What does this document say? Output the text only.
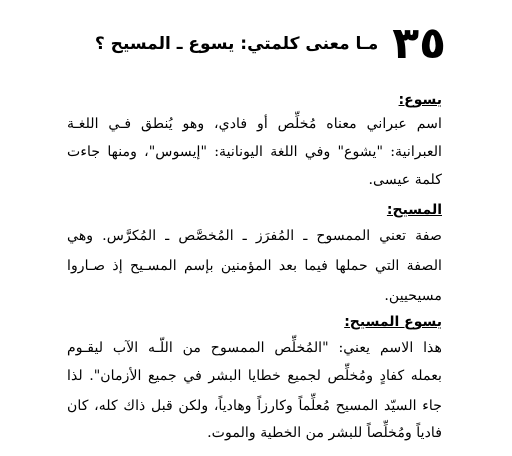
٣٥
مـا معنى كلمتي: يسوع ـ المسيح ؟
يسوع:
اسم عبراني معناه مُخلِّص أو فادي، وهو يُنطق فـي اللغـة
العبرانية: "يشوع" وفي اللغة اليونانية: "إيسوس"، ومنها جاءت
كلمة عيسى.
المسيح:
صفة تعني الممسوح ـ المُفرَز ـ المُخصَّص ـ المُكرَّس. وهي
الصفة التي حملها فيما بعد المؤمنين بإسم المسـيح إذ صـاروا
مسيحيين.
يسوع المسيح:
هذا الاسم يعني: "المُخلِّص الممسوح من اللّـه الآب ليقـوم
بعمله كفادٍ ومُخلِّص لجميع خطايا البشر في جميع الأزمان". لذا
جاء السيّد المسيح مُعلِّماً وكارزاً وهادياً، ولكن قبل ذاك كله، كان
فادياً ومُخلِّصاً للبشر من الخطية والموت.
